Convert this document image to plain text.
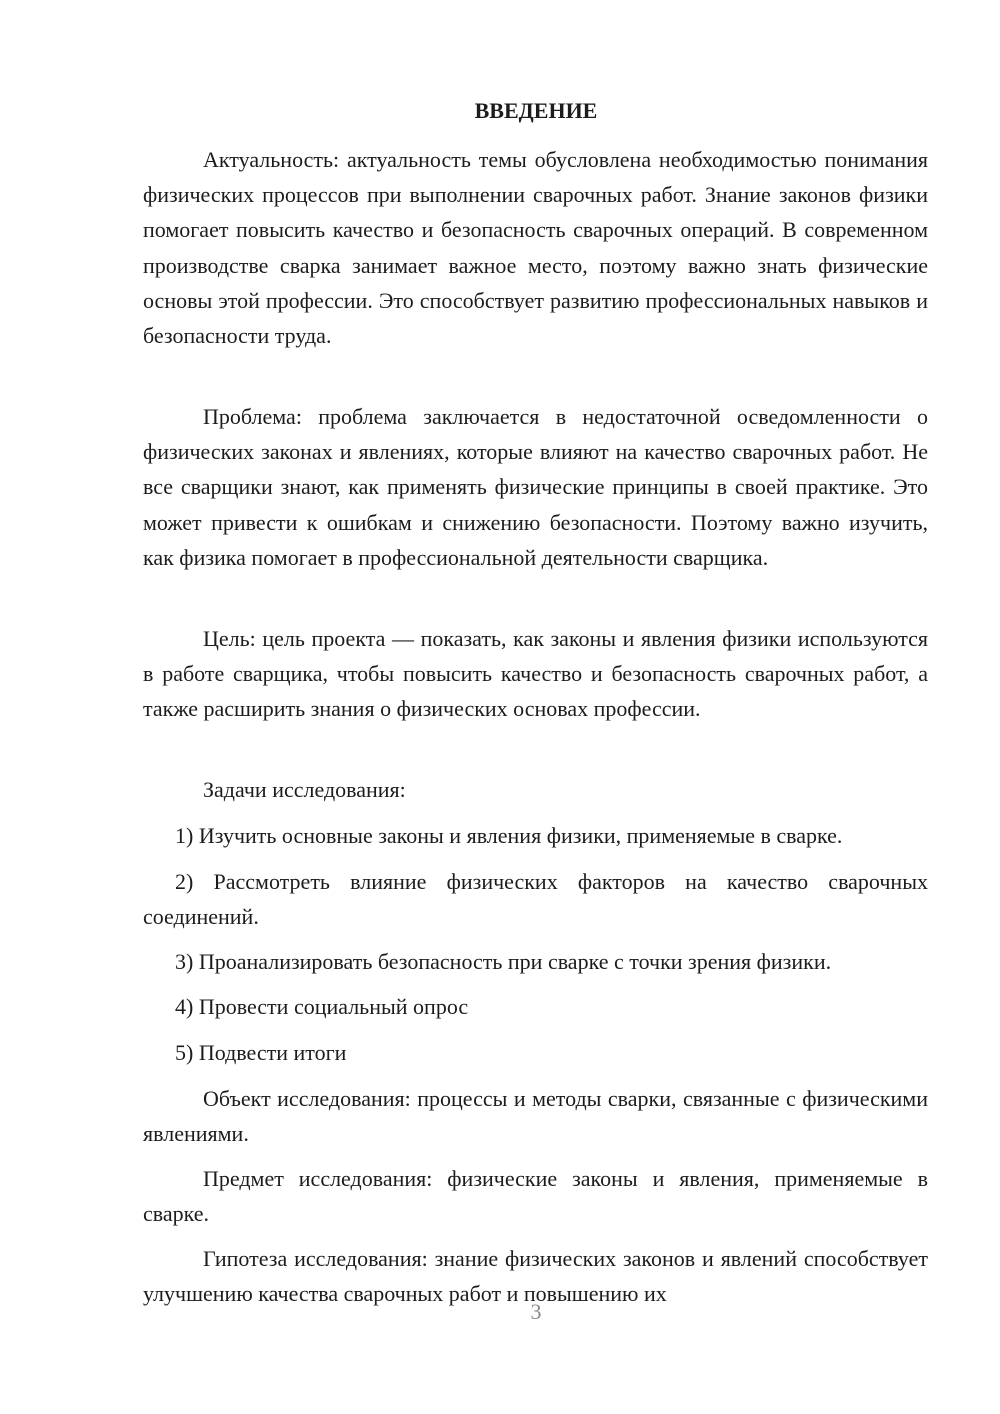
ВВЕДЕНИЕ

Актуальность: актуальность темы обусловлена необходимостью понимания физических процессов при выполнении сварочных работ. Знание законов физики помогает повысить качество и безопасность сварочных операций. В современном производстве сварка занимает важное место, поэтому важно знать физические основы этой профессии. Это способствует развитию профессиональных навыков и безопасности труда.

Проблема: проблема заключается в недостаточной осведомленности о физических законах и явлениях, которые влияют на качество сварочных работ. Не все сварщики знают, как применять физические принципы в своей практике. Это может привести к ошибкам и снижению безопасности. Поэтому важно изучить, как физика помогает в профессиональной деятельности сварщика.

Цель: цель проекта — показать, как законы и явления физики используются в работе сварщика, чтобы повысить качество и безопасность сварочных работ, а также расширить знания о физических основах профессии.

Задачи исследования:

1) Изучить основные законы и явления физики, применяемые в сварке.

2) Рассмотреть влияние физических факторов на качество сварочных соединений.

3) Проанализировать безопасность при сварке с точки зрения физики.

4) Провести социальный опрос

5) Подвести итоги

Объект исследования: процессы и методы сварки, связанные с физическими явлениями.

Предмет исследования: физические законы и явления, применяемые в сварке.

Гипотеза исследования: знание физических законов и явлений способствует улучшению качества сварочных работ и повышению их

3
